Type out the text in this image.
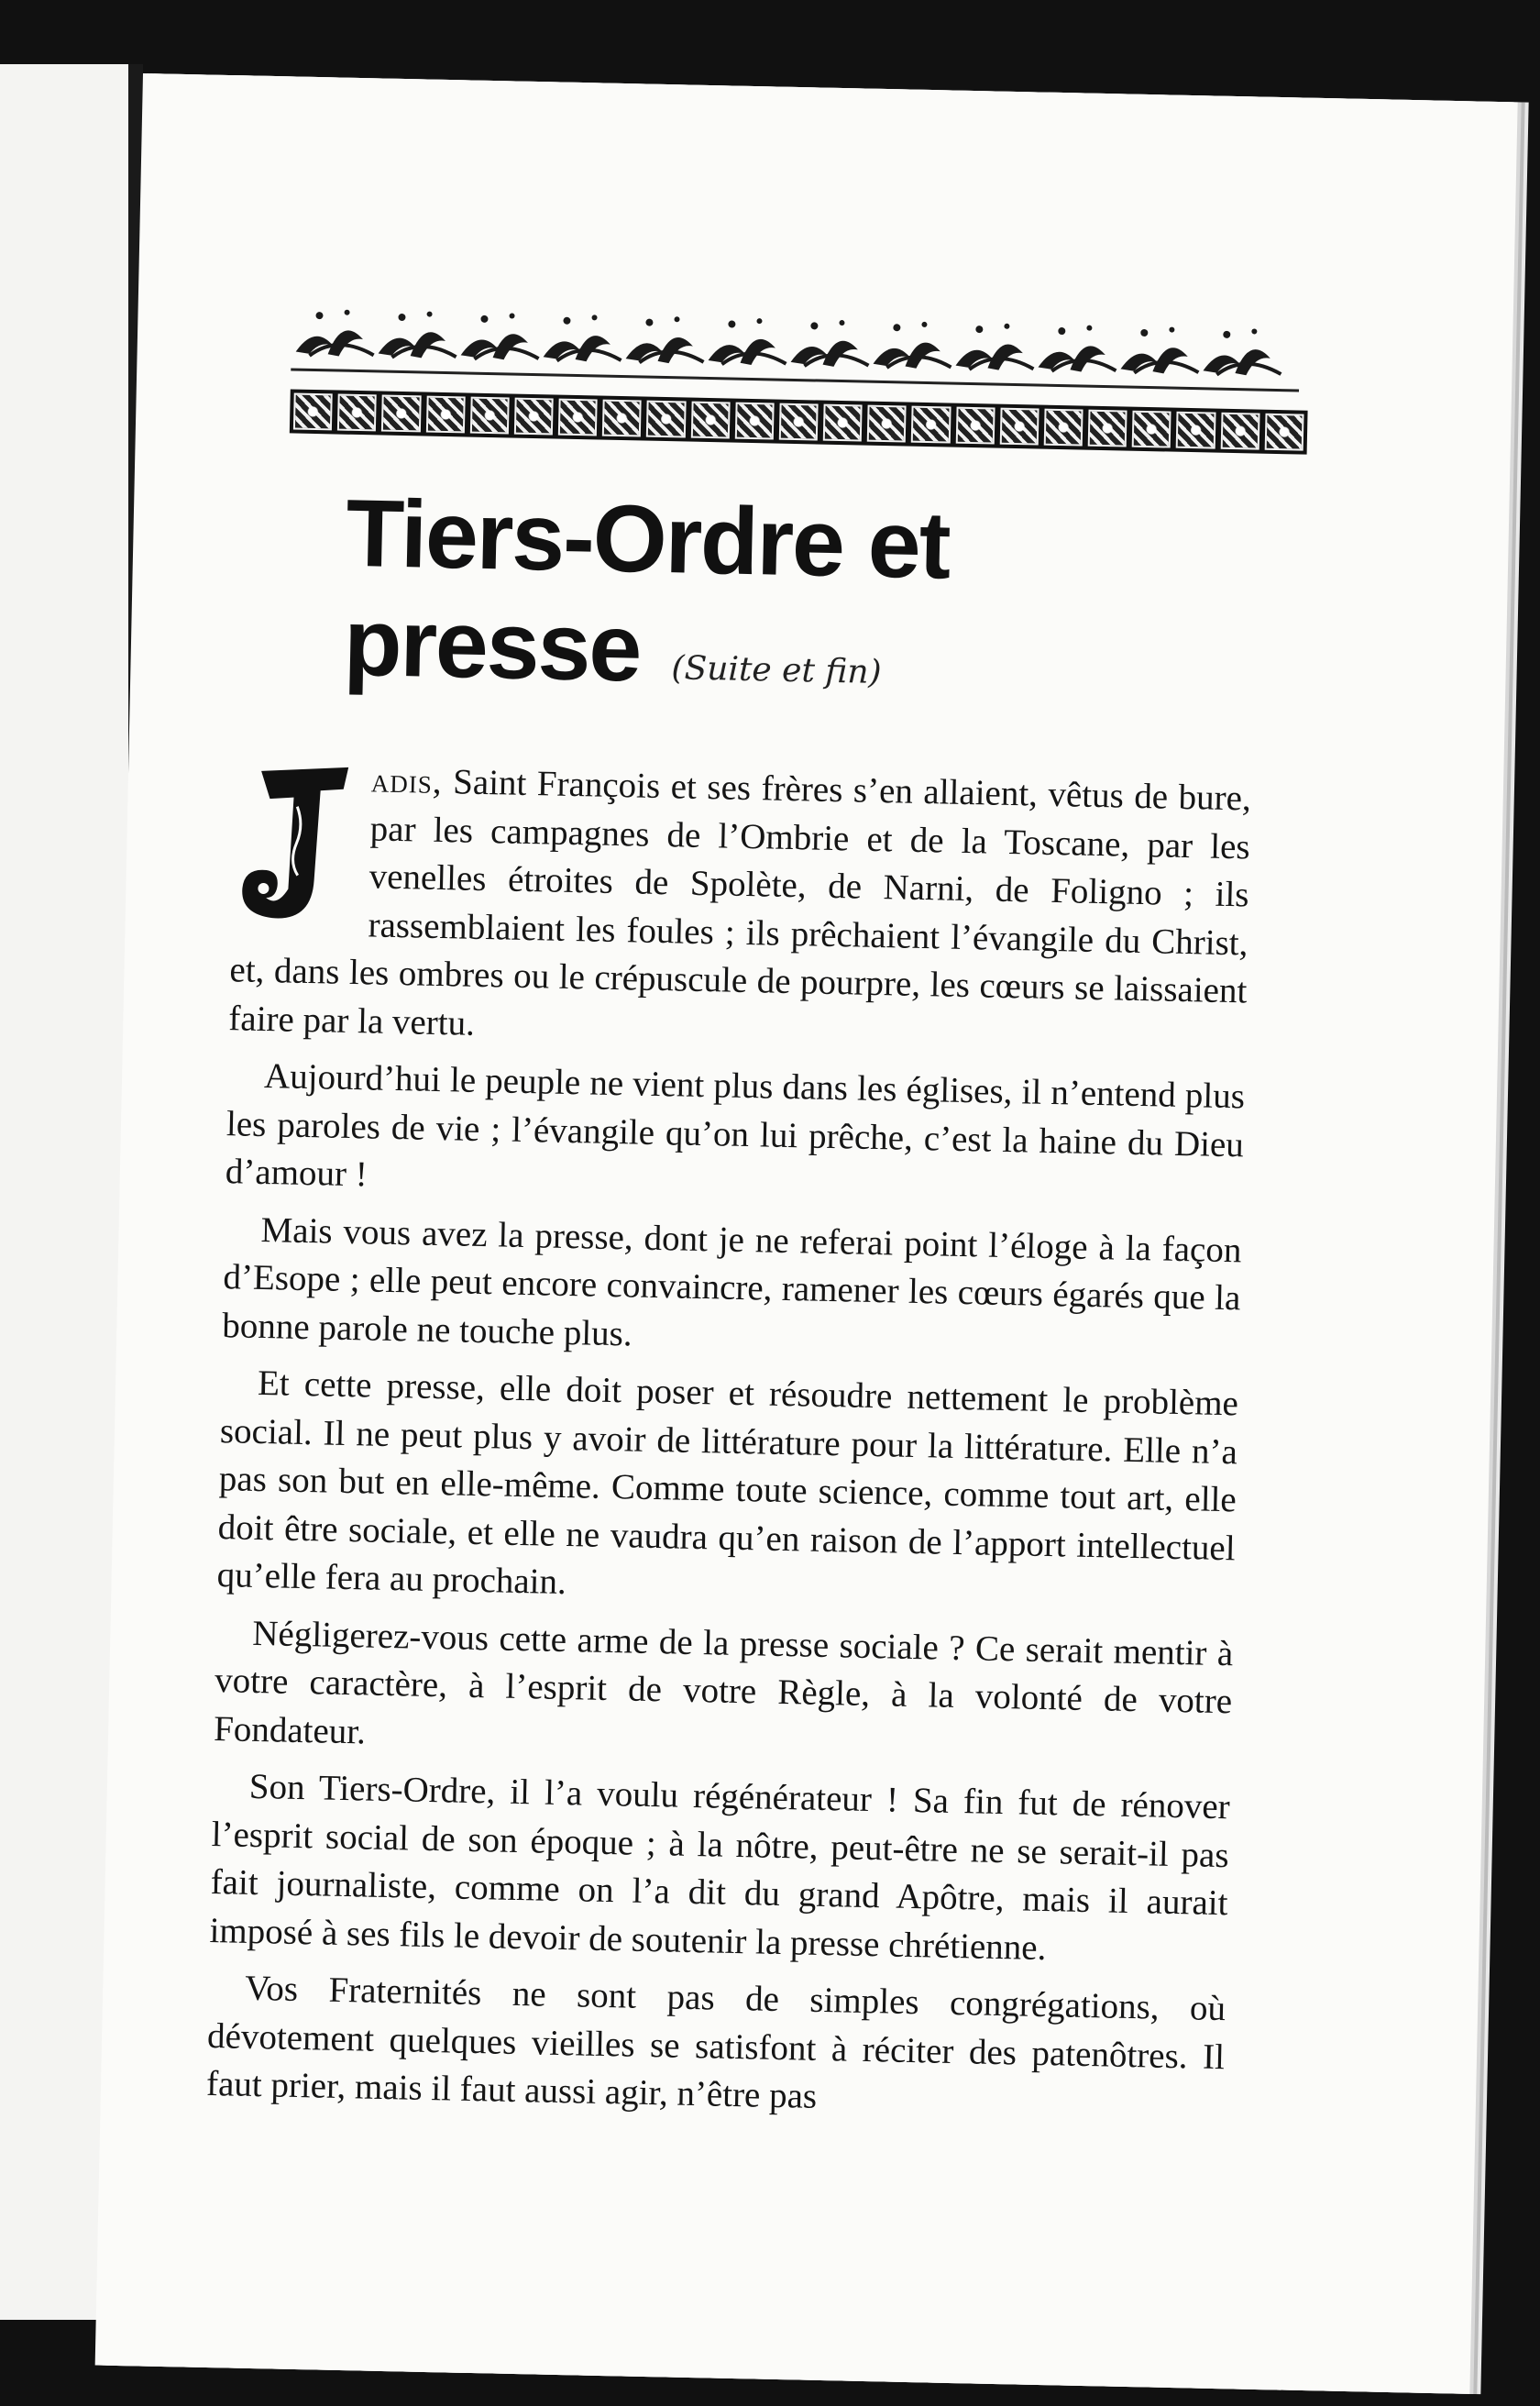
Tiers-Ordre et presse (Suite et fin)

J
adis, Saint François et ses frères s’en allaient, vêtus de bure, par les campagnes de l’Ombrie et de la Toscane, par les venelles étroites de Spolète, de Narni, de Foligno ; ils rassemblaient les foules ; ils prêchaient l’évangile du Christ, et, dans les ombres ou le crépuscule de pourpre, les cœurs se laissaient faire par la vertu.

Aujourd’hui le peuple ne vient plus dans les églises, il n’entend plus les paroles de vie ; l’évangile qu’on lui prêche, c’est la haine du Dieu d’amour !

Mais vous avez la presse, dont je ne referai point l’éloge à la façon d’Esope ; elle peut encore convaincre, ramener les cœurs égarés que la bonne parole ne touche plus.

Et cette presse, elle doit poser et résoudre nettement le problème social. Il ne peut plus y avoir de littérature pour la littérature. Elle n’a pas son but en elle-même. Comme toute science, comme tout art, elle doit être sociale, et elle ne vaudra qu’en raison de l’apport intellectuel qu’elle fera au prochain.

Négligerez-vous cette arme de la presse sociale ? Ce serait mentir à votre caractère, à l’esprit de votre Règle, à la volonté de votre Fondateur.

Son Tiers-Ordre, il l’a voulu régénérateur ! Sa fin fut de rénover l’esprit social de son époque ; à la nôtre, peut-être ne se serait-il pas fait journaliste, comme on l’a dit du grand Apôtre, mais il aurait imposé à ses fils le devoir de soutenir la presse chrétienne.

Vos Fraternités ne sont pas de simples congrégations, où dévotement quelques vieilles se satisfont à réciter des patenôtres. Il faut prier, mais il faut aussi agir, n’être pas
